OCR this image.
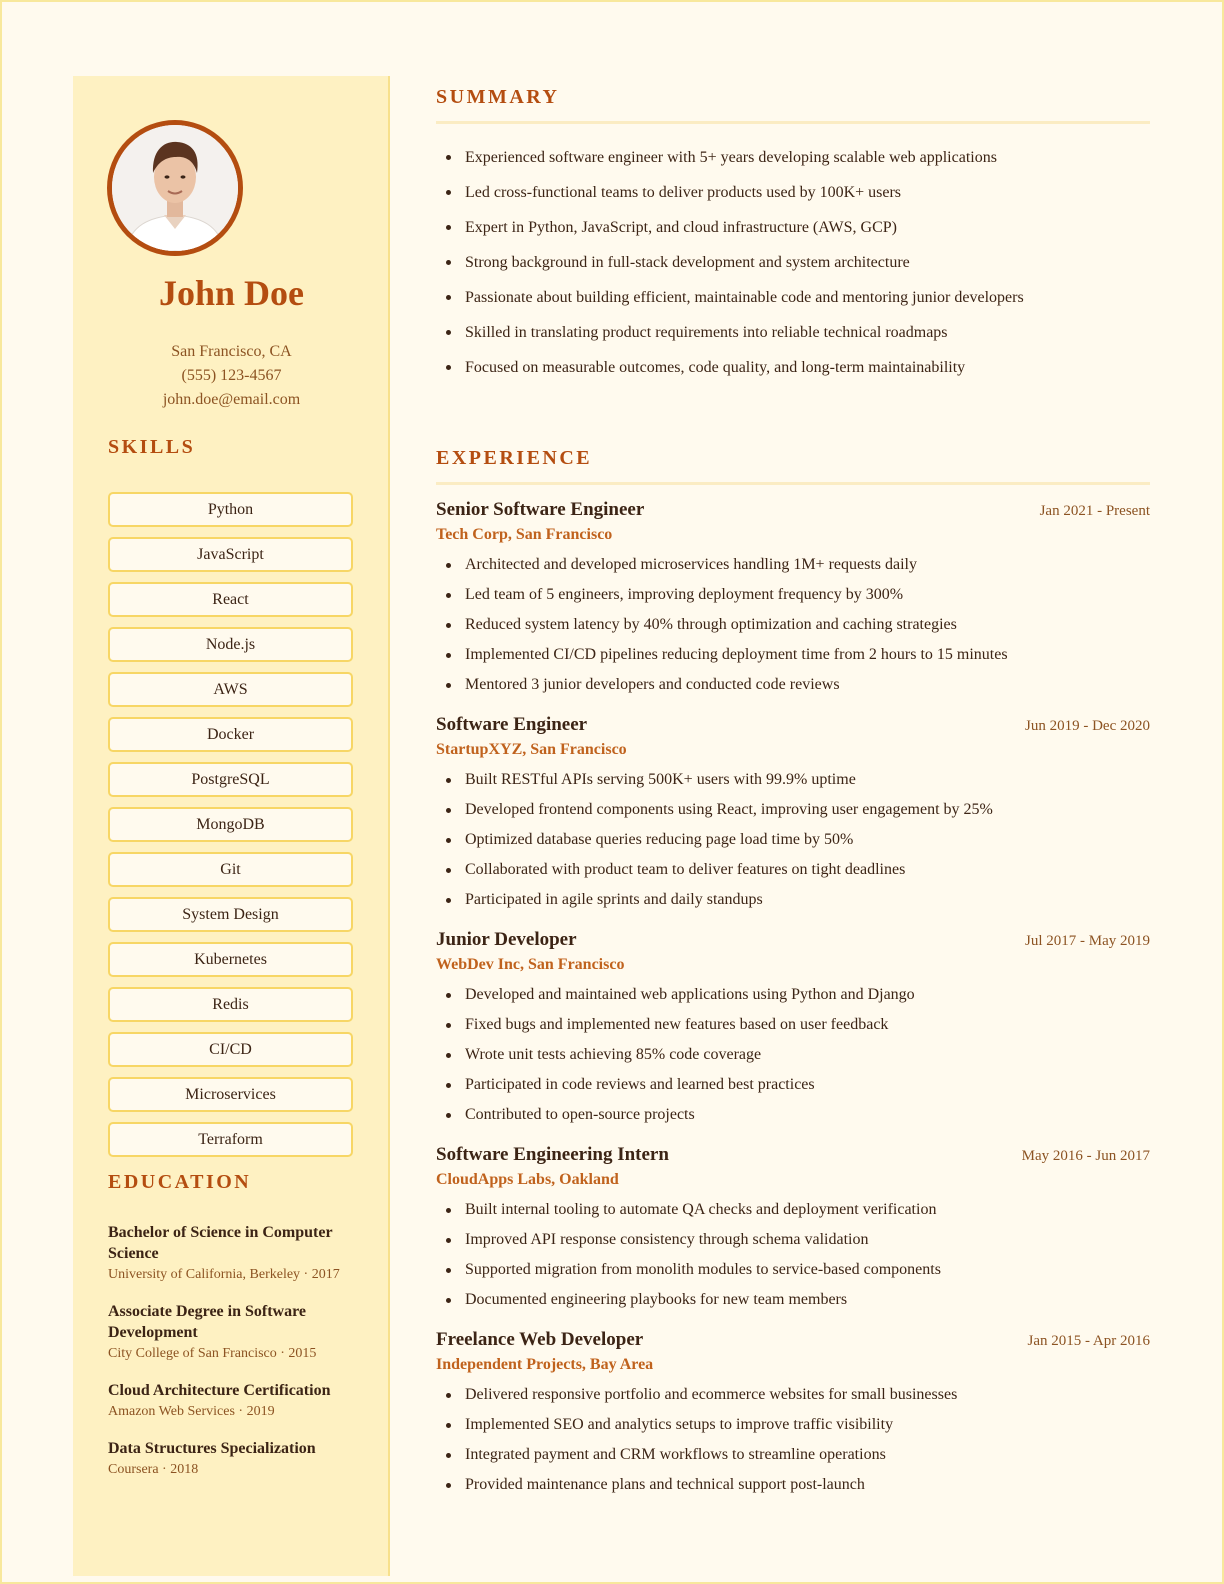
John Doe
San Francisco, CA
(555) 123-4567
john.doe@email.com
SKILLS
Python
JavaScript
React
Node.js
AWS
Docker
PostgreSQL
MongoDB
Git
System Design
Kubernetes
Redis
CI/CD
Microservices
Terraform
EDUCATION
Bachelor of Science in Computer Science
University of California, Berkeley · 2017
Associate Degree in Software Development
City College of San Francisco · 2015
Cloud Architecture Certification
Amazon Web Services · 2019
Data Structures Specialization
Coursera · 2018
SUMMARY
Experienced software engineer with 5+ years developing scalable web applications
Led cross-functional teams to deliver products used by 100K+ users
Expert in Python, JavaScript, and cloud infrastructure (AWS, GCP)
Strong background in full-stack development and system architecture
Passionate about building efficient, maintainable code and mentoring junior developers
Skilled in translating product requirements into reliable technical roadmaps
Focused on measurable outcomes, code quality, and long-term maintainability
EXPERIENCE
Senior Software Engineer	Jan 2021 - Present
Tech Corp, San Francisco
Architected and developed microservices handling 1M+ requests daily
Led team of 5 engineers, improving deployment frequency by 300%
Reduced system latency by 40% through optimization and caching strategies
Implemented CI/CD pipelines reducing deployment time from 2 hours to 15 minutes
Mentored 3 junior developers and conducted code reviews
Software Engineer	Jun 2019 - Dec 2020
StartupXYZ, San Francisco
Built RESTful APIs serving 500K+ users with 99.9% uptime
Developed frontend components using React, improving user engagement by 25%
Optimized database queries reducing page load time by 50%
Collaborated with product team to deliver features on tight deadlines
Participated in agile sprints and daily standups
Junior Developer	Jul 2017 - May 2019
WebDev Inc, San Francisco
Developed and maintained web applications using Python and Django
Fixed bugs and implemented new features based on user feedback
Wrote unit tests achieving 85% code coverage
Participated in code reviews and learned best practices
Contributed to open-source projects
Software Engineering Intern	May 2016 - Jun 2017
CloudApps Labs, Oakland
Built internal tooling to automate QA checks and deployment verification
Improved API response consistency through schema validation
Supported migration from monolith modules to service-based components
Documented engineering playbooks for new team members
Freelance Web Developer	Jan 2015 - Apr 2016
Independent Projects, Bay Area
Delivered responsive portfolio and ecommerce websites for small businesses
Implemented SEO and analytics setups to improve traffic visibility
Integrated payment and CRM workflows to streamline operations
Provided maintenance plans and technical support post-launch
